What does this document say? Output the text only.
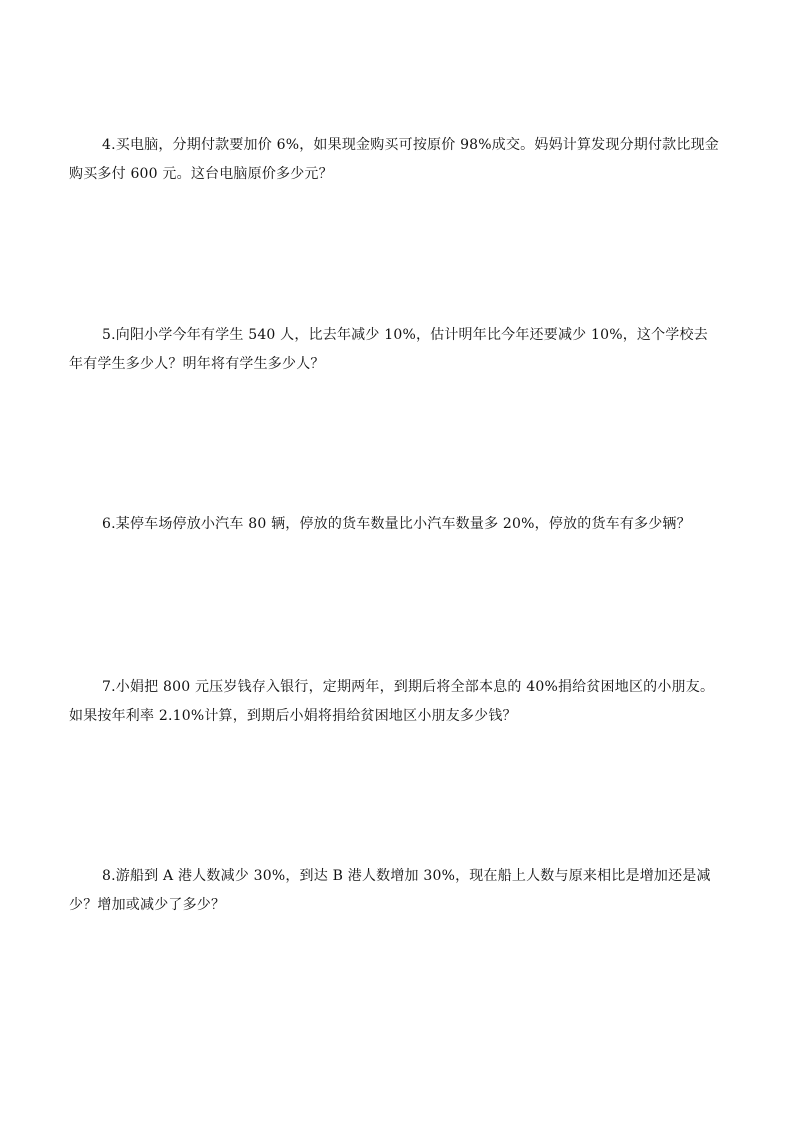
4.买电脑，分期付款要加价 6%，如果现金购买可按原价 98%成交。妈妈计算发现分期付款比现金购买多付 600 元。这台电脑原价多少元？

5.向阳小学今年有学生 540 人，比去年减少 10%，估计明年比今年还要减少 10%，这个学校去年有学生多少人？明年将有学生多少人？

6.某停车场停放小汽车 80 辆，停放的货车数量比小汽车数量多 20%，停放的货车有多少辆？

7.小娟把 800 元压岁钱存入银行，定期两年，到期后将全部本息的 40%捐给贫困地区的小朋友。如果按年利率 2.10%计算，到期后小娟将捐给贫困地区小朋友多少钱？

8.游船到 A 港人数减少 30%，到达 B 港人数增加 30%，现在船上人数与原来相比是增加还是减少？增加或减少了多少？
